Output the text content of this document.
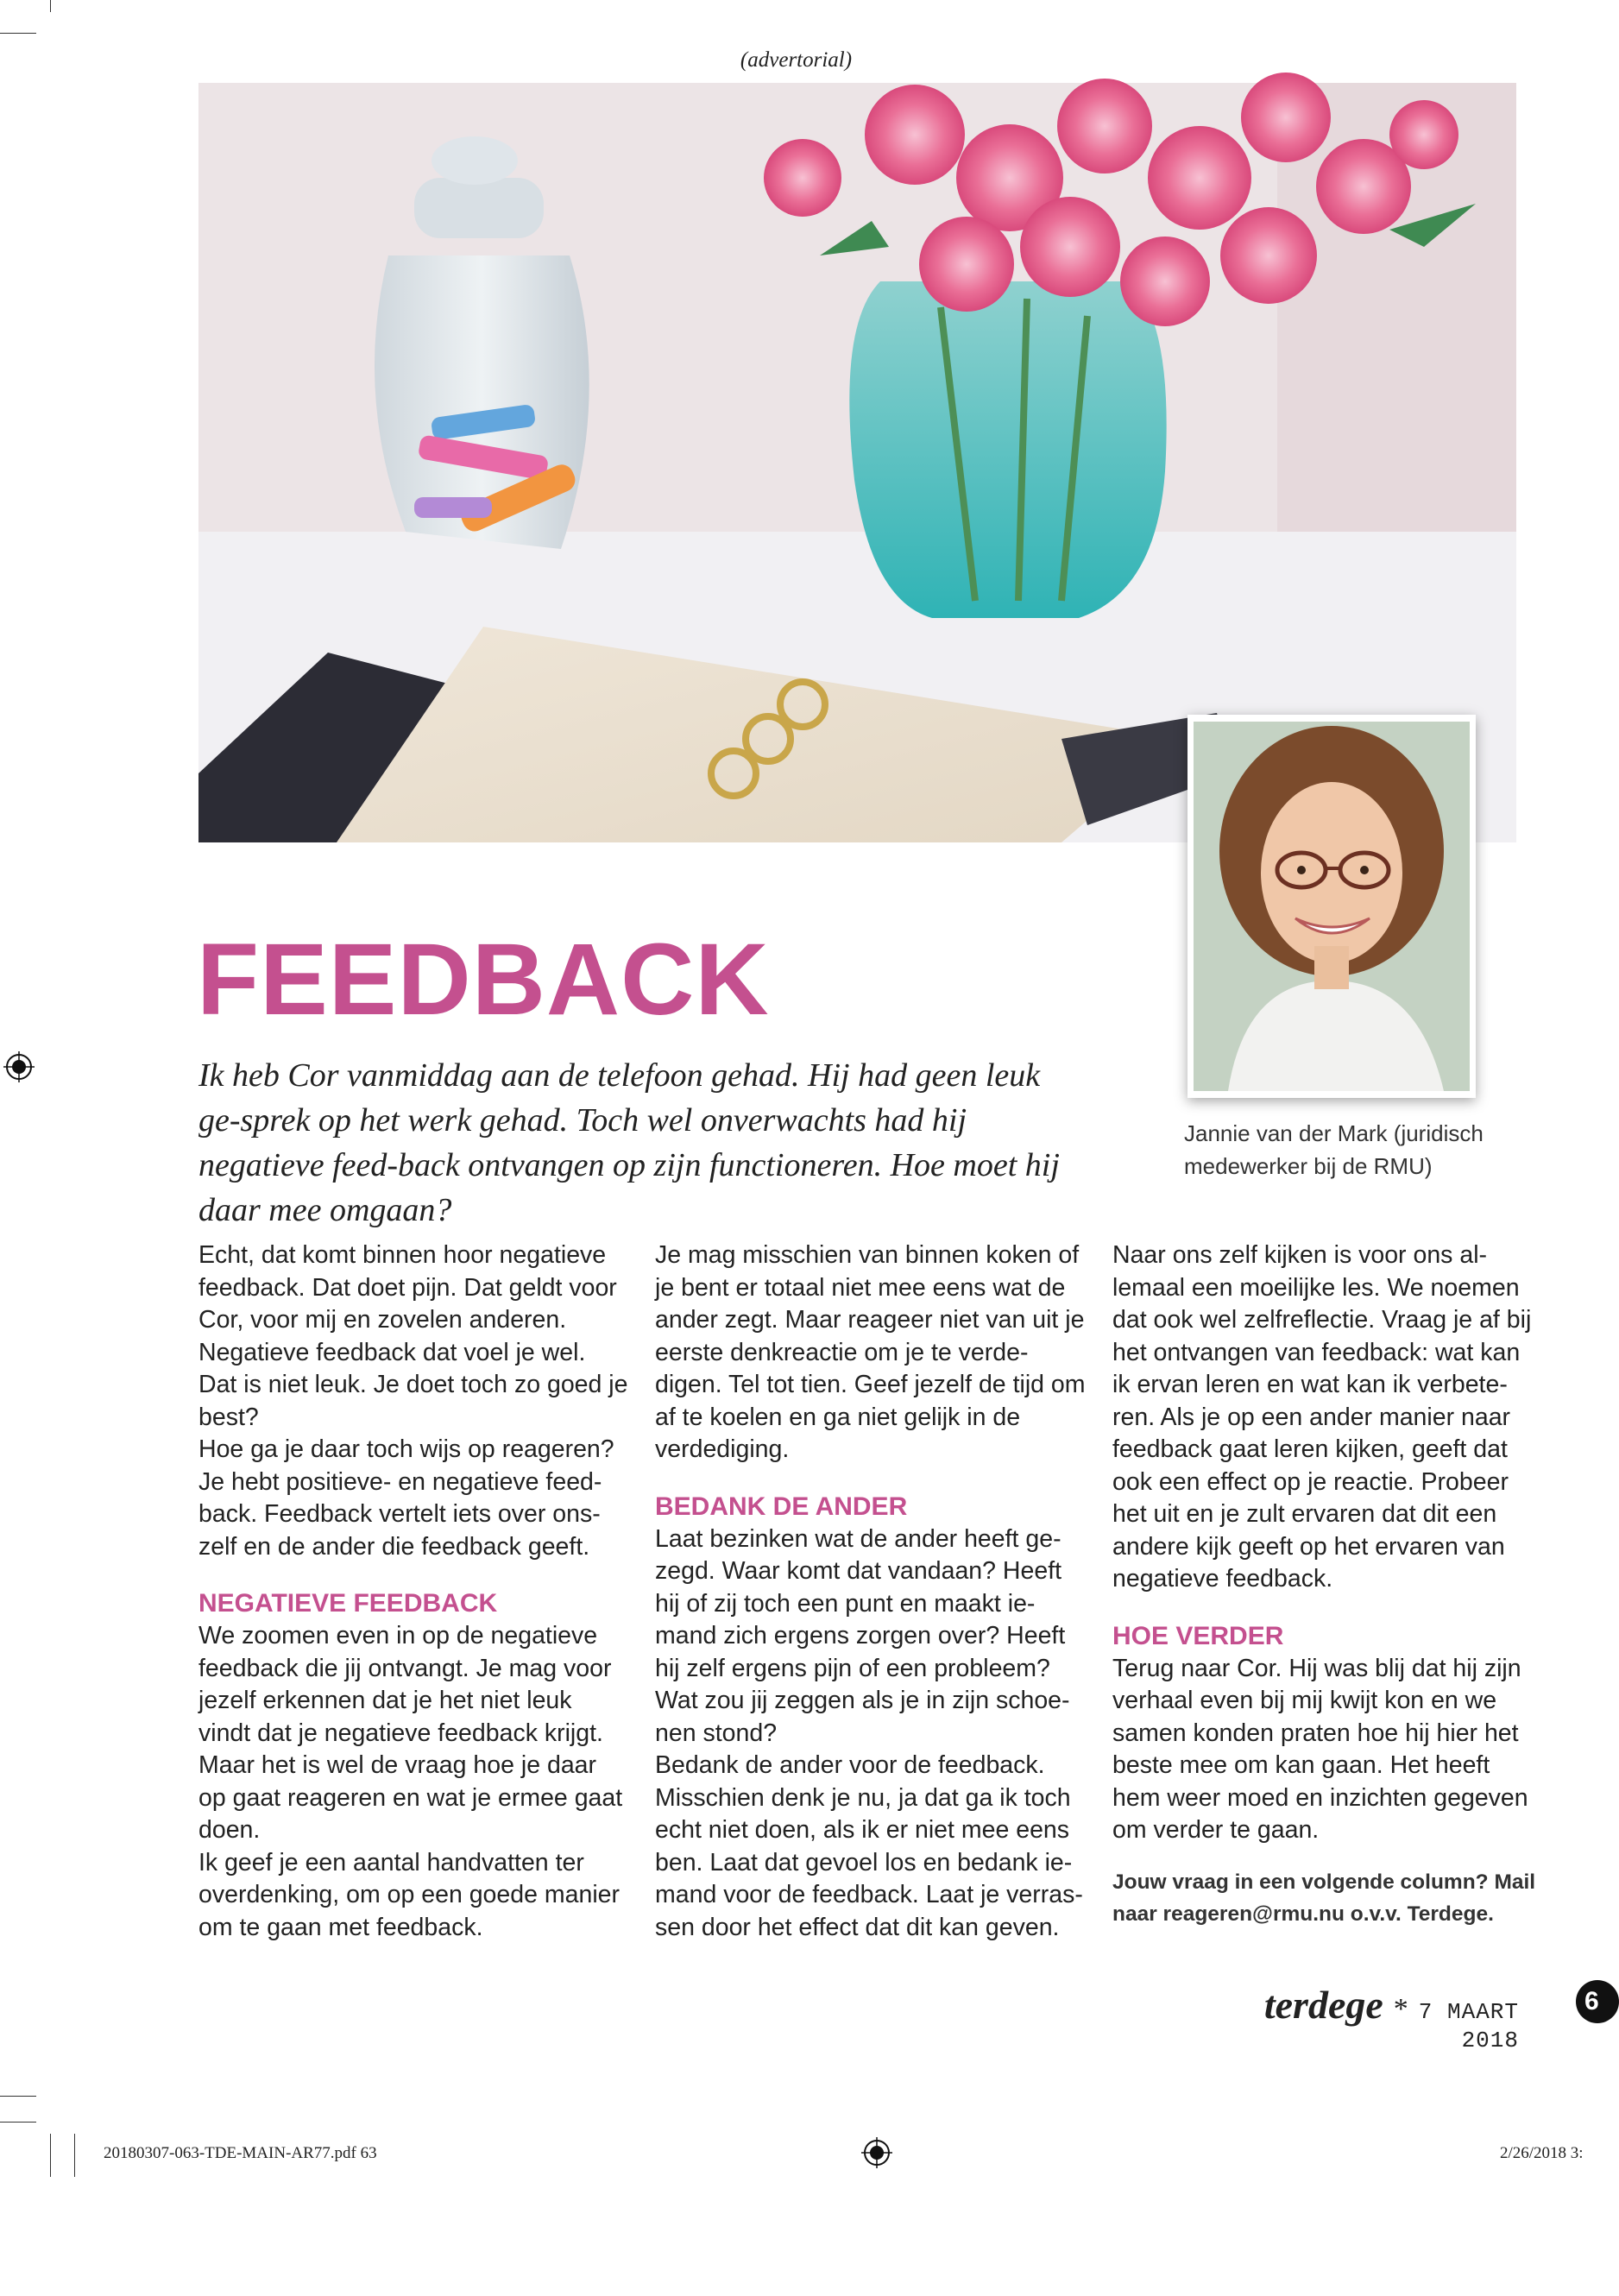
(advertorial)
Jannie van der Mark (juridisch medewerker bij de RMU)
FEEDBACK

Ik heb Cor vanmiddag aan de telefoon gehad. Hij had geen leuk ge-sprek op het werk gehad. Toch wel onverwachts had hij negatieve feed-back ontvangen op zijn functioneren. Hoe moet hij daar mee omgaan?

Echt, dat komt binnen hoor negatieve feedback. Dat doet pijn. Dat geldt voor Cor, voor mij en zovelen anderen. Negatieve feedback dat voel je wel. Dat is niet leuk. Je doet toch zo goed je best?

Hoe ga je daar toch wijs op reageren? Je hebt positieve- en negatieve feed-back. Feedback vertelt iets over ons-zelf en de ander die feedback geeft.

NEGATIEVE FEEDBACK

We zoomen even in op de negatieve feedback die jij ontvangt. Je mag voor jezelf erkennen dat je het niet leuk vindt dat je negatieve feedback krijgt. Maar het is wel de vraag hoe je daar op gaat reageren en wat je ermee gaat doen.

Ik geef je een aantal handvatten ter overdenking, om op een goede manier om te gaan met feedback.

Je mag misschien van binnen koken of je bent er totaal niet mee eens wat de ander zegt. Maar reageer niet van uit je eerste denkreactie om je te verde-digen. Tel tot tien. Geef jezelf de tijd om af te koelen en ga niet gelijk in de verdediging.

BEDANK DE ANDER

Laat bezinken wat de ander heeft ge-zegd. Waar komt dat vandaan? Heeft hij of zij toch een punt en maakt ie-mand zich ergens zorgen over? Heeft hij zelf ergens pijn of een probleem? Wat zou jij zeggen als je in zijn schoe-nen stond?

Bedank de ander voor de feedback. Misschien denk je nu, ja dat ga ik toch echt niet doen, als ik er niet mee eens ben. Laat dat gevoel los en bedank ie-mand voor de feedback. Laat je verras-sen door het effect dat dit kan geven.

Naar ons zelf kijken is voor ons al-lemaal een moeilijke les. We noemen dat ook wel zelfreflectie. Vraag je af bij het ontvangen van feedback: wat kan ik ervan leren en wat kan ik verbete-ren. Als je op een ander manier naar feedback gaat leren kijken, geeft dat ook een effect op je reactie. Probeer het uit en je zult ervaren dat dit een andere kijk geeft op het ervaren van negatieve feedback.

HOE VERDER

Terug naar Cor. Hij was blij dat hij zijn verhaal even bij mij kwijt kon en we samen konden praten hoe hij hier het beste mee om kan gaan. Het heeft hem weer moed en inzichten gegeven om verder te gaan.

Jouw vraag in een volgende column? Mail naar reageren@rmu.nu o.v.v. Terdege.

terdege * 7 MAART 2018
6
20180307-063-TDE-MAIN-AR77.pdf 63	2/26/2018 3:
